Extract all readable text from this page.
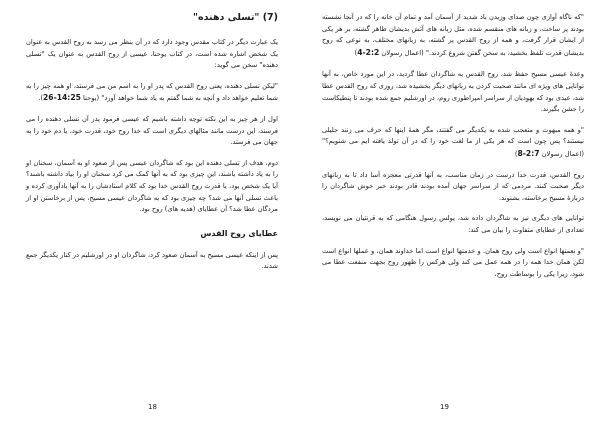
(7) "تسلی دهنده"

یک عبارت دیگر در کتاب مقدس وجود دارد که در آن بنظر می رسد به روح القدس به عنوان یک شخص اشاره شده است، در کتاب یوحنا، عیسی از روح القدس به عنوان یک "تسلی دهنده" سخن می گوید:

"لیکن تسلی دهنده، یعنی روح القدس که پدر او را به اسم من می فرستد، او همه چیز را به شما تعلیم خواهد داد و آنچه به شما گفتم به یاد شما خواهد آورد" (یوحنا 14:25-26).

اول از هر چیز به این نکته توجه داشته باشیم که عیسی فرمود پدر آن تسلی دهنده را می فرستد، این درست مانند مثالهای دیگری است که خدا روح خود، قدرت خود، یا دم خود را به جهان می فرستد.

دوم، هدف از تسلی دهنده این بود که شاگردان عیسی پس از صعود او به آسمان، سخنان او را به یاد داشته باشند، این چیزی بود که به آنها کمک می کرد سخنان او را بیاد داشته باشند؟ آیا یک شخص بود، یا قدرت روح القدس خدا بود که کلام استادشان را به آنها یادآوری کرده و باعث تسلی آنها می شد؟ چه چیزی بود که به شاگردان عیسی مسیح، پس از برخاستن او از مردگان عطا شد؟ آن عطایای (هدیه های) روح بود.

عطایای روح القدس

پس از اینکه عیسی مسیح به آسمان صعود کرد، شاگردان او در اورشلیم در کنار یکدیگر جمع شدند.

18

"که ناگاه آوازی چون صدای وزیدن باد شدید از آسمان آمد و تمام آن خانه را که در آنجا نشسته بودند پر ساخت، و زبانه های منقسم شده، مثل زبانه های آتش بدیشان ظاهر گشته، بر هر یکی از ایشان قرار گرفت، و همه از روح القدس پر گشته، به زبانهای مختلف، به نوعی که روح بدیشان قدرت تلفظ بخشید، به سخن گفتن شروع کردند." (اعمال رسولان 2:2-4)

وعدۀ عیسی مسیح حفظ شد، روح القدس به شاگردان عطا گردید، در این مورد خاص، به آنها توانایی های ویژه ای مانند صحبت کردن به زبانهای دیگر بخشیده شد، روزی که روح القدس عطا شد، عیدی بود که یهودیان از سراسر امپراطوری روم، در اورشلیم جمع شده بودند تا پنطیکاست را جشن بگیرند.

"و همه مبهوت و متعجب شده به یکدیگر می گفتند، مگر همۀ اینها که حرف می زنند جلیلی نیستند؟ پس چون است که هر یکی از ما لغت خود را که در آن تولد یافته ایم می شنویم؟" (اعمال رسولان 2:7-8)

روح القدس، قدرت خدا درست در زمان مناسب، به آنها قدرتی معجزه آسا داد تا به زبانهای دیگر صحبت کنند. مردمی که از سراسر جهان آمده بودند قادر بودند خبر خوش شاگردان را دربارۀ مسیح برخاسته، بشنوند.

توانایی های دیگری نیز به شاگردان داده شد، پولس رسول هنگامی که به قرنتیان می نویسد، تعدادی از عطایای متفاوت را بیان می کند:

"و نعمتها انواع است ولی روح همان. و خدمتها انواع است اما خداوند همان، و عملها انواع است لکن همان خدا همه را در همه عمل می کند ولی هرکس را ظهور روح بجهت منفعت عطا می شود، زیرا یکی را بوساطت روح،

19
